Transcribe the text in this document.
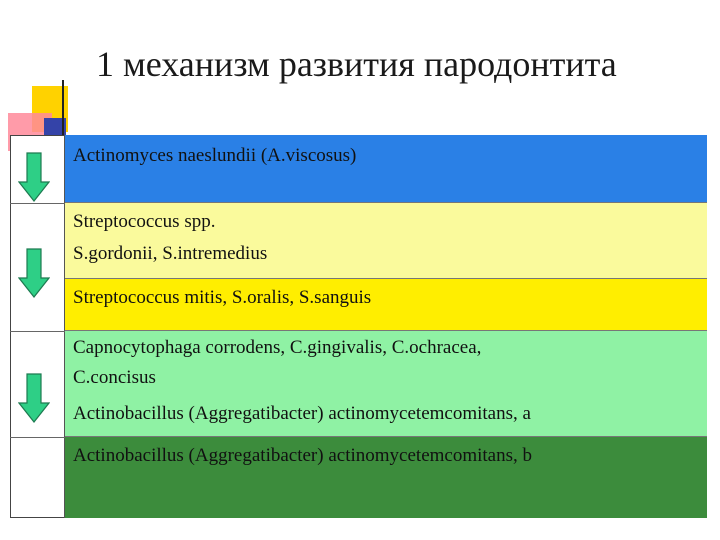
1 механизм развития пародонтита
Actinomyces naeslundii (A.viscosus)
Streptococcus spp.
S.gordonii, S.intremedius
Streptococcus mitis, S.oralis, S.sanguis
Capnocytophaga corrodens, C.gingivalis, C.ochracea,
C.concisus
Actinobacillus (Aggregatibacter) actinomycetemcomitans, a
Actinobacillus (Aggregatibacter) actinomycetemcomitans, b
